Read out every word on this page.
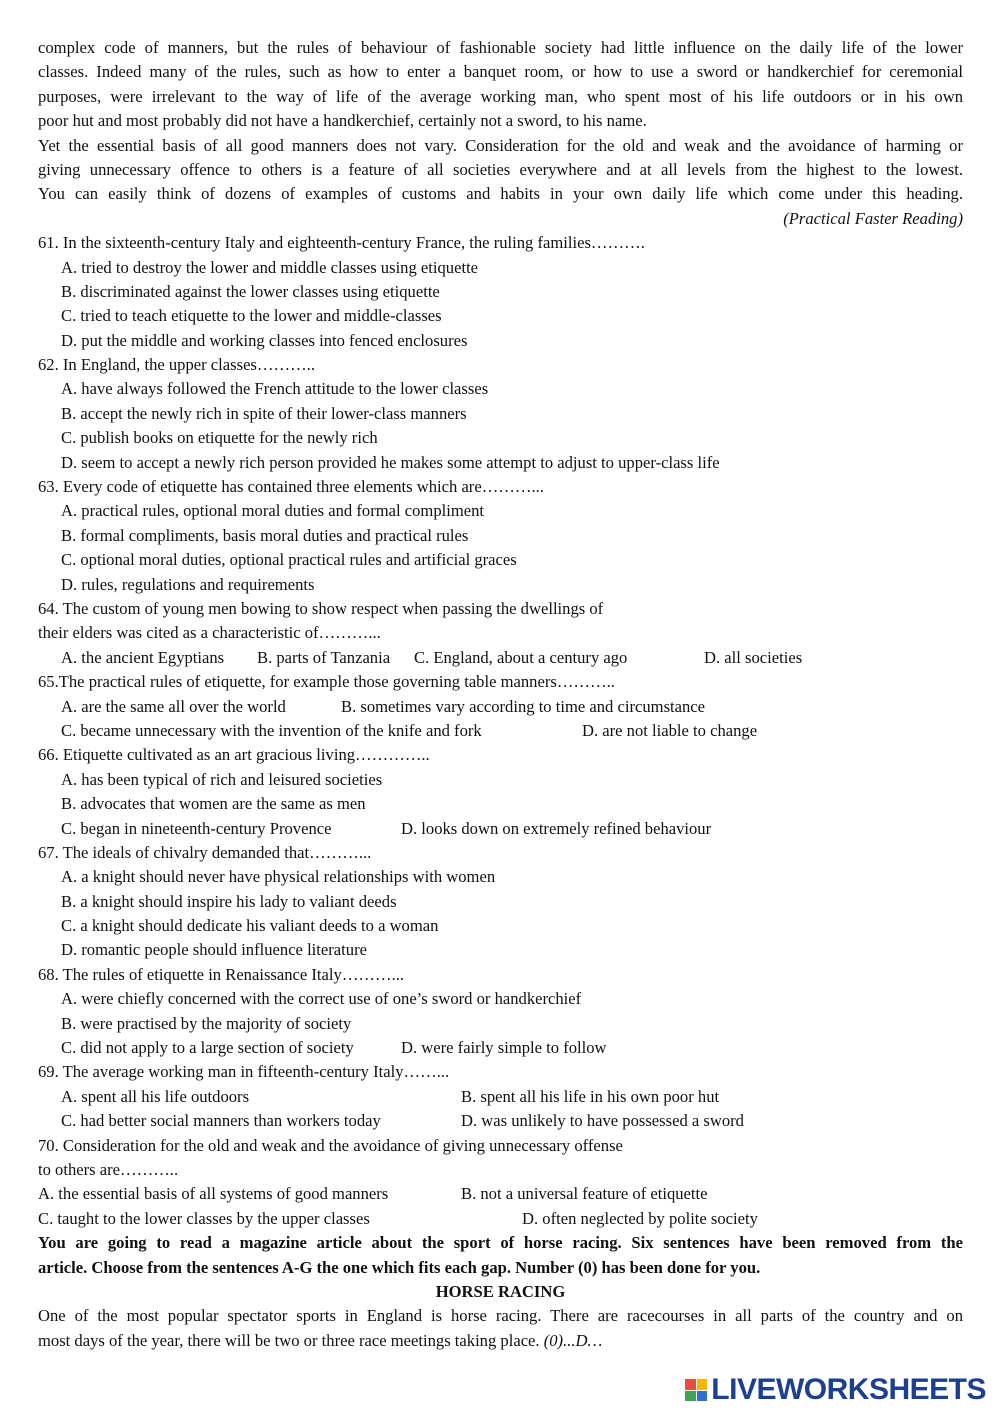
complex code of manners, but the rules of behaviour of fashionable society had little influence on the daily life of the lower
classes. Indeed many of the rules, such as how to enter a banquet room, or how to use a sword or handkerchief for ceremonial
purposes, were irrelevant to the way of life of the average working man, who spent most of his life outdoors or in his own
poor hut and most probably did not have a handkerchief, certainly not a sword, to his name.
Yet the essential basis of all good manners does not vary. Consideration for the old and weak and the avoidance of harming or
giving unnecessary offence to others is a feature of all societies everywhere and at all levels from the highest to the lowest.
You can easily think of dozens of examples of customs and habits in your own daily life which come under this heading.
(Practical Faster Reading)
61. In the sixteenth-century Italy and eighteenth-century France, the ruling families……….
A. tried to destroy the lower and middle classes using etiquette
B. discriminated against the lower classes using etiquette
C. tried to teach etiquette to the lower and middle-classes
D. put the middle and working classes into fenced enclosures
62. In England, the upper classes………..
A. have always followed the French attitude to the lower classes
B. accept the newly rich in spite of their lower-class manners
C. publish books on etiquette for the newly rich
D. seem to accept a newly rich person provided he makes some attempt to adjust to upper-class life
63. Every code of etiquette has contained three elements which are………...
A. practical rules, optional moral duties and formal compliment
B. formal compliments, basis moral duties and practical rules
C. optional moral duties, optional practical rules and artificial graces
D. rules, regulations and requirements
64. The custom of young men bowing to show respect when passing the dwellings of
their elders was cited as a characteristic of………...
A. the ancient Egyptians B. parts of Tanzania C. England, about a century ago	D. all societies
65.The practical rules of etiquette, for example those governing table manners………..
A. are the same all over the world	B. sometimes vary according to time and circumstance
C. became unnecessary with the invention of the knife and fork	D. are not liable to change
66. Etiquette cultivated as an art gracious living…………..
A. has been typical of rich and leisured societies
B. advocates that women are the same as men
C. began in nineteenth-century Provence	D. looks down on extremely refined behaviour
67. The ideals of chivalry demanded that………...
A. a knight should never have physical relationships with women
B. a knight should inspire his lady to valiant deeds
C. a knight should dedicate his valiant deeds to a woman
D. romantic people should influence literature
68. The rules of etiquette in Renaissance Italy………...
A. were chiefly concerned with the correct use of one’s sword or handkerchief
B. were practised by the majority of society
C. did not apply to a large section of society	D. were fairly simple to follow
69. The average working man in fifteenth-century Italy……...
A. spent all his life outdoors	B. spent all his life in his own poor hut
C. had better social manners than workers today	D. was unlikely to have possessed a sword
70. Consideration for the old and weak and the avoidance of giving unnecessary offense
to others are………..
A. the essential basis of all systems of good manners	B. not a universal feature of etiquette
C. taught to the lower classes by the upper classes	D. often neglected by polite society
You are going to read a magazine article about the sport of horse racing. Six sentences have been removed from the
article. Choose from the sentences A-G the one which fits each gap. Number (0) has been done for you.
HORSE RACING
One of the most popular spectator sports in England is horse racing. There are racecourses in all parts of the country and on
most days of the year, there will be two or three race meetings taking place. (0)...D…
LIVEWORKSHEETS
